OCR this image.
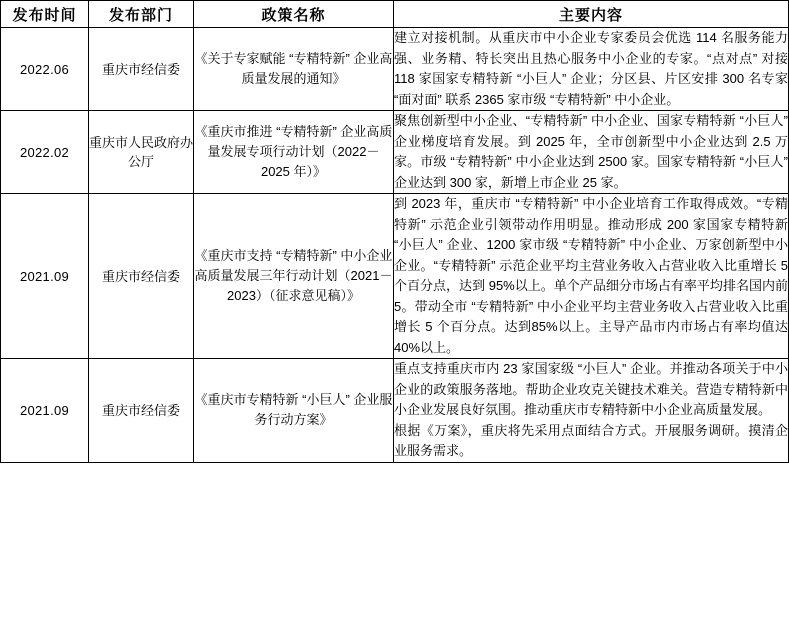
发布时间	发布部门	政策名称	主要内容
2022.06	重庆市经信委	《关于专家赋能 “专精特新” 企业高质量发展的通知》	建立对接机制。从重庆市中小企业专家委员会优选 114 名服务能力强、业务精、特长突出且热心服务中小企业的专家。“点对点” 对接 118 家国家专精特新 “小巨人” 企业；分区县、片区安排 300 名专家 “面对面” 联系 2365 家市级 “专精特新” 中小企业。

2022.02	重庆市人民政府办公厅	《重庆市推进 “专精特新” 企业高质量发展专项行动计划（2022－2025 年）》	聚焦创新型中小企业、“专精特新” 中小企业、国家专精特新 “小巨人” 企业梯度培育发展。到 2025 年，全市创新型中小企业达到 2.5 万家。市级 “专精特新” 中小企业达到 2500 家。国家专精特新 “小巨人” 企业达到 300 家，新增上市企业 25 家。

2021.09	重庆市经信委	《重庆市支持 “专精特新” 中小企业高质量发展三年行动计划（2021－2023）（征求意见稿）》	到 2023 年，重庆市 “专精特新” 中小企业培育工作取得成效。“专精特新” 示范企业引领带动作用明显。推动形成 200 家国家专精特新 “小巨人” 企业、1200 家市级 “专精特新” 中小企业、万家创新型中小企业。“专精特新” 示范企业平均主营业务收入占营业收入比重增长 5 个百分点，达到 95%以上。单个产品细分市场占有率平均排名国内前 5。带动全市 “专精特新” 中小企业平均主营业务收入占营业收入比重增长 5 个百分点。达到85%以上。主导产品市内市场占有率均值达 40%以上。

2021.09	重庆市经信委	《重庆市专精特新 “小巨人” 企业服务行动方案》	重点支持重庆市内 23 家国家级 “小巨人” 企业。并推动各项关于中小企业的政策服务落地。帮助企业攻克关键技术难关。营造专精特新中小企业发展良好氛围。推动重庆市专精特新中小企业高质量发展。

根据《万案》，重庆将先采用点面结合方式。开展服务调研。摸清企业服务需求。
